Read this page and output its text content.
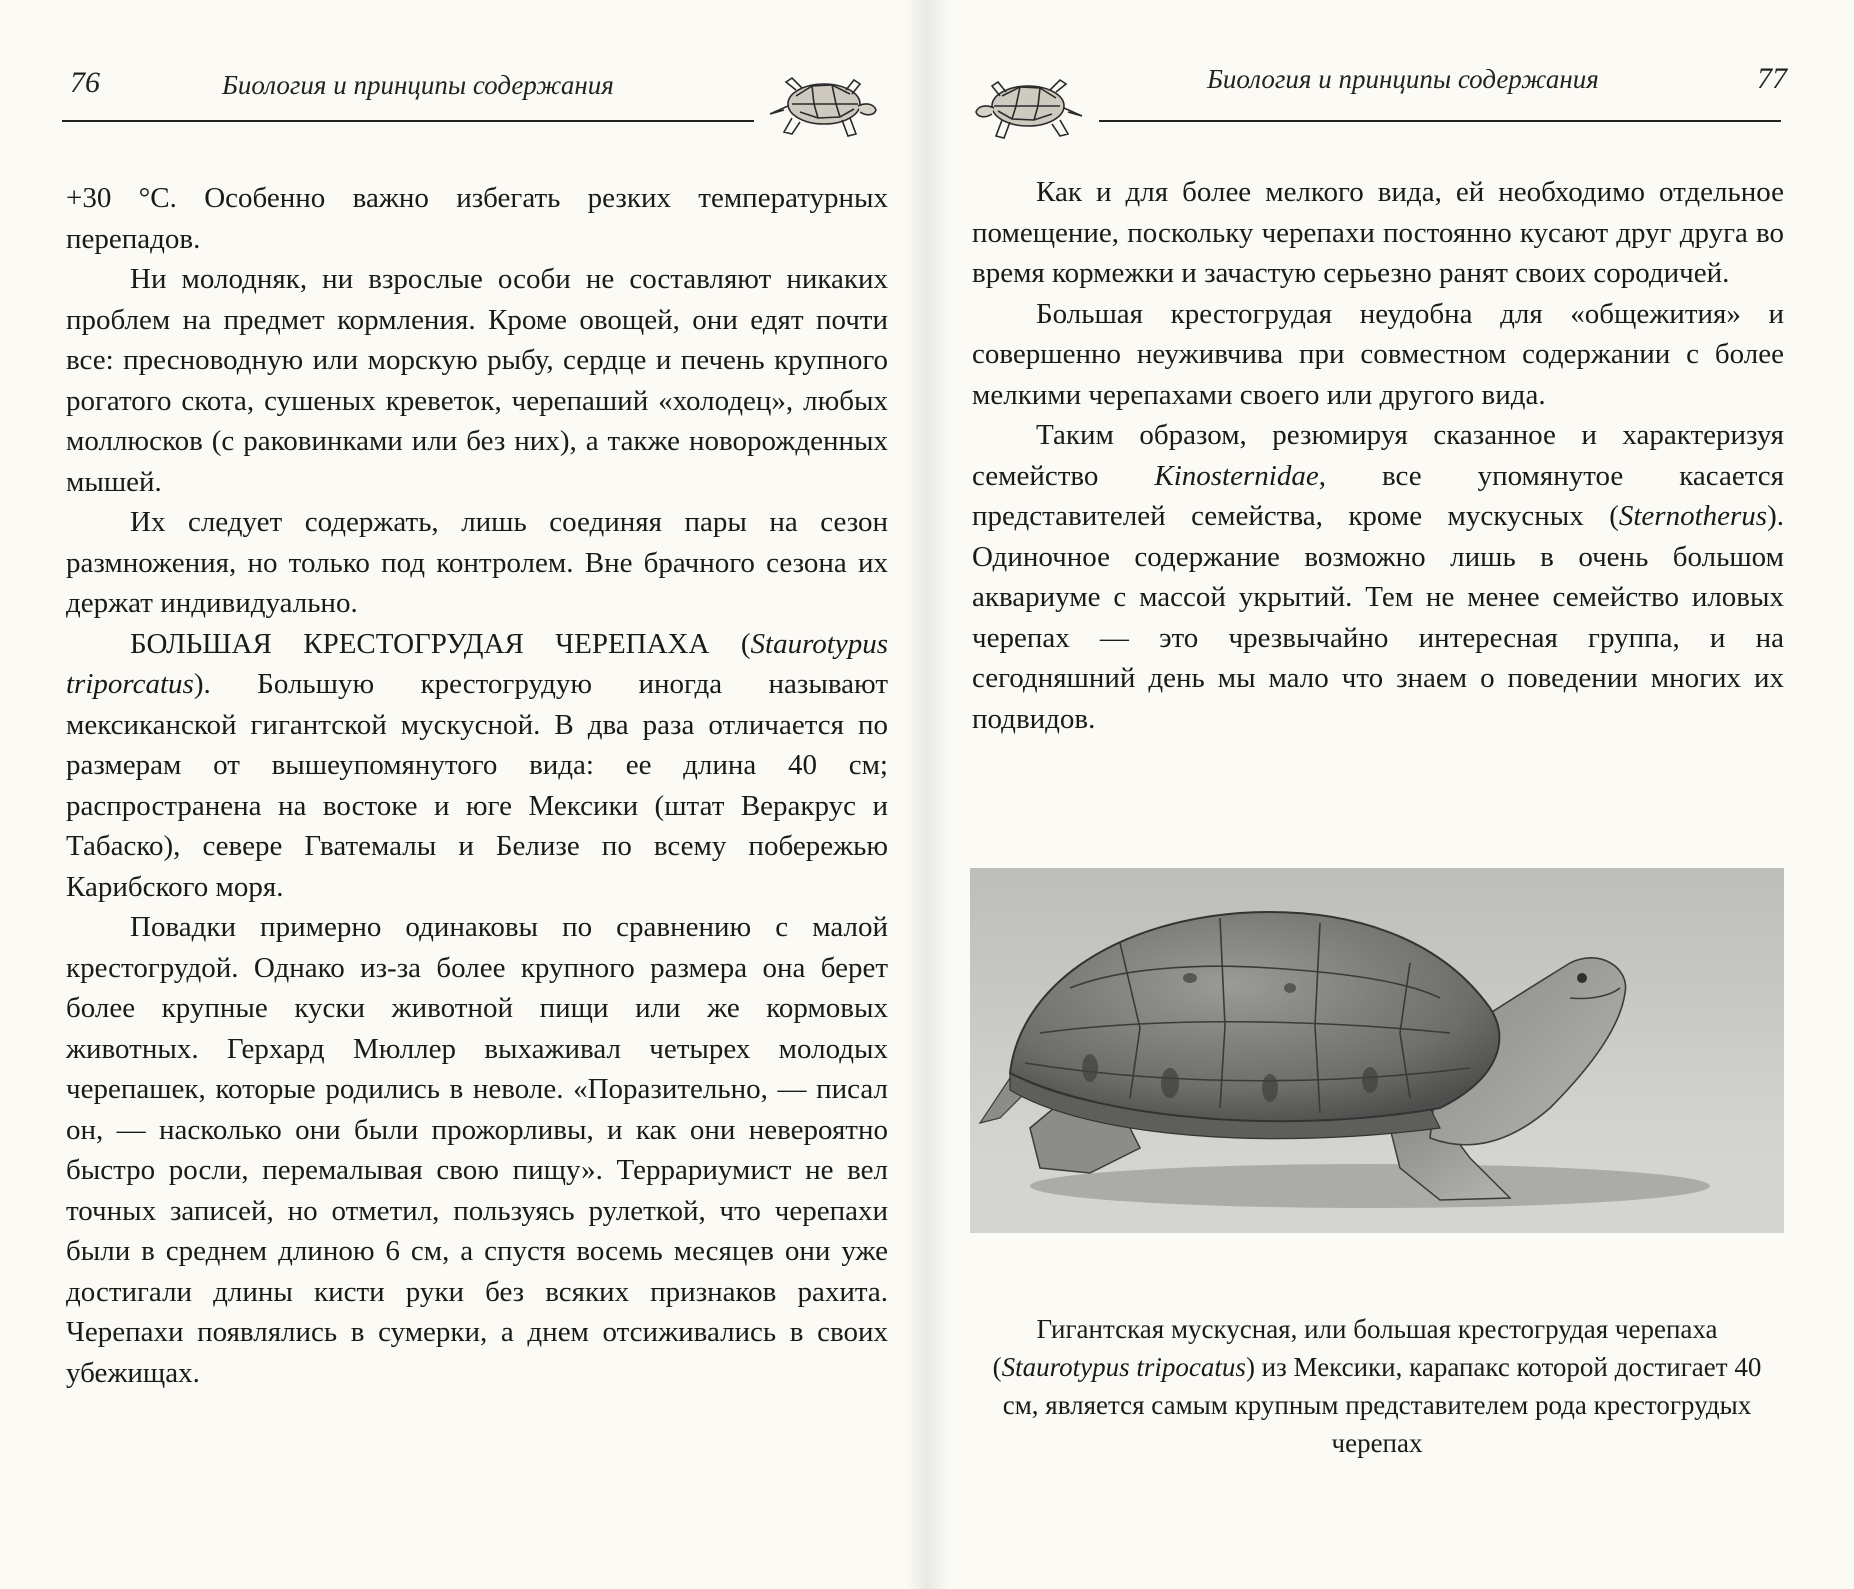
76	Биология и принципы содержания

+30 °С. Особенно важно избегать резких температурных перепадов.

Ни молодняк, ни взрослые особи не составляют никаких проблем на предмет кормления. Кроме овощей, они едят почти все: пресноводную или морскую рыбу, сердце и печень крупного рогатого скота, сушеных креветок, черепаший «холодец», любых моллюсков (с раковинками или без них), а также новорожденных мышей.

Их следует содержать, лишь соединяя пары на сезон размножения, но только под контролем. Вне брачного сезона их держат индивидуально.

БОЛЬШАЯ КРЕСТОГРУДАЯ ЧЕРЕПАХА (Staurotypus triporcatus). Большую крестогрудую иногда называют мексиканской гигантской мускусной. В два раза отличается по размерам от вышеупомянутого вида: ее длина 40 см; распространена на востоке и юге Мексики (штат Веракрус и Табаско), севере Гватемалы и Белизе по всему побережью Карибского моря.

Повадки примерно одинаковы по сравнению с малой крестогрудой. Однако из-за более крупного размера она берет более крупные куски животной пищи или же кормовых животных. Герхард Мюллер выхаживал четырех молодых черепашек, которые родились в неволе. «Поразительно, — писал он, — насколько они были прожорливы, и как они невероятно быстро росли, перемалывая свою пищу». Террариумист не вел точных записей, но отметил, пользуясь рулеткой, что черепахи были в среднем длиною 6 см, а спустя восемь месяцев они уже достигали длины кисти руки без всяких признаков рахита. Черепахи появлялись в сумерки, а днем отсиживались в своих убежищах.

Биология и принципы содержания	77

Как и для более мелкого вида, ей необходимо отдельное помещение, поскольку черепахи постоянно кусают друг друга во время кормежки и зачастую серьезно ранят своих сородичей.

Большая крестогрудая неудобна для «общежития» и совершенно неуживчива при совместном содержании с более мелкими черепахами своего или другого вида.

Таким образом, резюмируя сказанное и характеризуя семейство Kinosternidae, все упомянутое касается представителей семейства, кроме мускусных (Sternotherus). Одиночное содержание возможно лишь в очень большом аквариуме с массой укрытий. Тем не менее семейство иловых черепах — это чрезвычайно интересная группа, и на сегодняшний день мы мало что знаем о поведении многих их подвидов.

Гигантская мускусная, или большая крестогрудая черепаха (Staurotypus tripocatus) из Мексики, карапакс которой достигает 40 см, является самым крупным представителем рода крестогрудых черепах
